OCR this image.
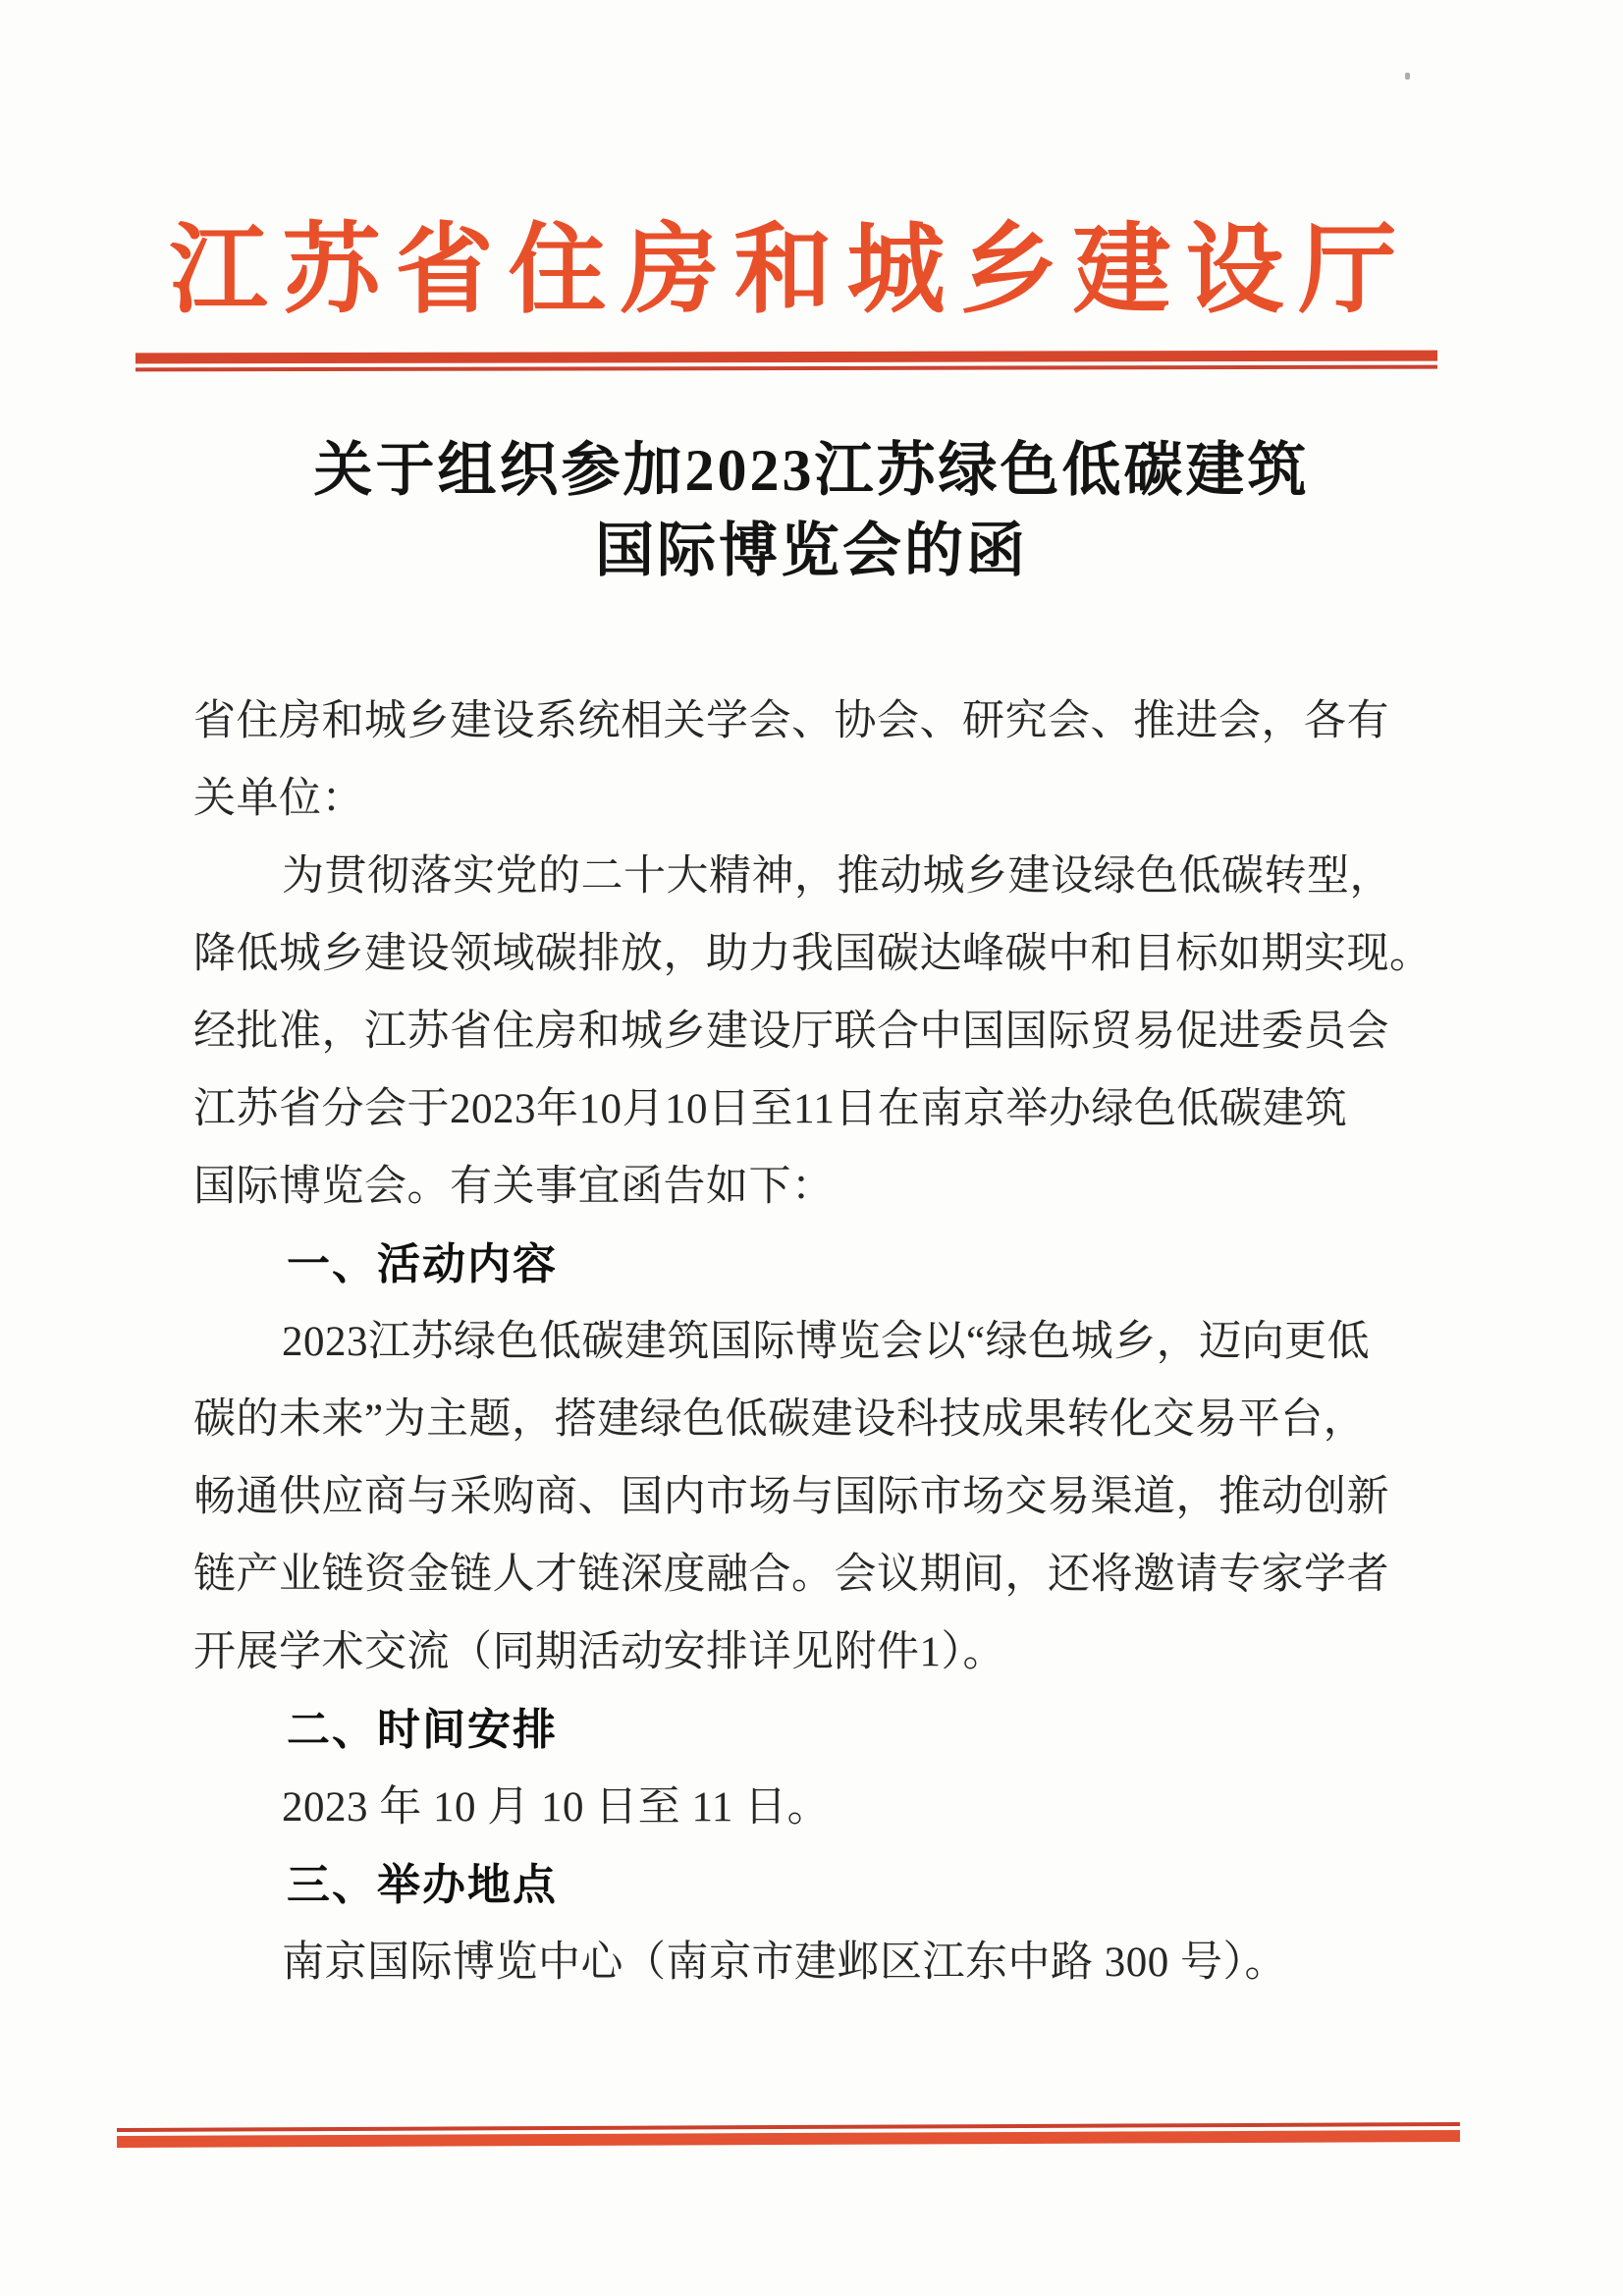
江苏省住房和城乡建设厅
关于组织参加2023江苏绿色低碳建筑
国际博览会的函
省住房和城乡建设系统相关学会、协会、研究会、推进会，各有
关单位：
为贯彻落实党的二十大精神，推动城乡建设绿色低碳转型，
降低城乡建设领域碳排放，助力我国碳达峰碳中和目标如期实现。
经批准，江苏省住房和城乡建设厅联合中国国际贸易促进委员会
江苏省分会于2023年10月10日至11日在南京举办绿色低碳建筑
国际博览会。有关事宜函告如下：
一、活动内容
2023江苏绿色低碳建筑国际博览会以“绿色城乡，迈向更低
碳的未来”为主题，搭建绿色低碳建设科技成果转化交易平台，
畅通供应商与采购商、国内市场与国际市场交易渠道，推动创新
链产业链资金链人才链深度融合。会议期间，还将邀请专家学者
开展学术交流（同期活动安排详见附件1）。
二、时间安排
2023 年 10 月 10 日至 11 日。
三、举办地点
南京国际博览中心（南京市建邺区江东中路 300 号）。
